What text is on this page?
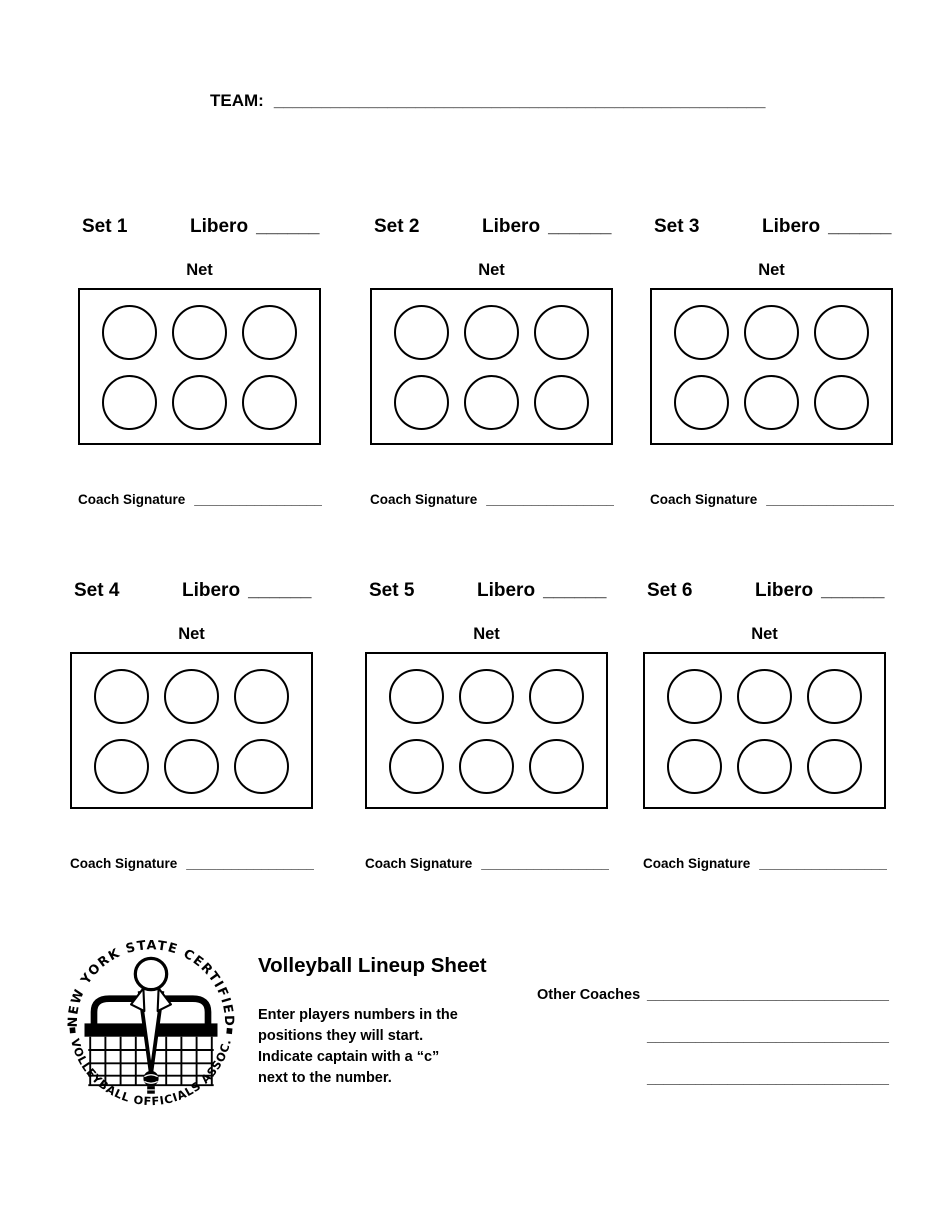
TEAM: ____________________________________________________
Set 1	Libero ______
Net
Coach Signature _________________
Set 2	Libero ______
Net
Coach Signature _________________
Set 3	Libero ______
Net
Coach Signature _________________
Set 4	Libero ______
Net
Coach Signature _________________
Set 5	Libero ______
Net
Coach Signature _________________
Set 6	Libero ______
Net
Coach Signature _________________
NEW YORK STATE CERTIFIED
▪ VOLLEYBALL OFFICIALS ASSOC. ▪
Volleyball Lineup Sheet
Enter players numbers in the
positions they will start.
Indicate captain with a “c”
next to the number.
Other Coaches ______________________________
______________________________
______________________________
